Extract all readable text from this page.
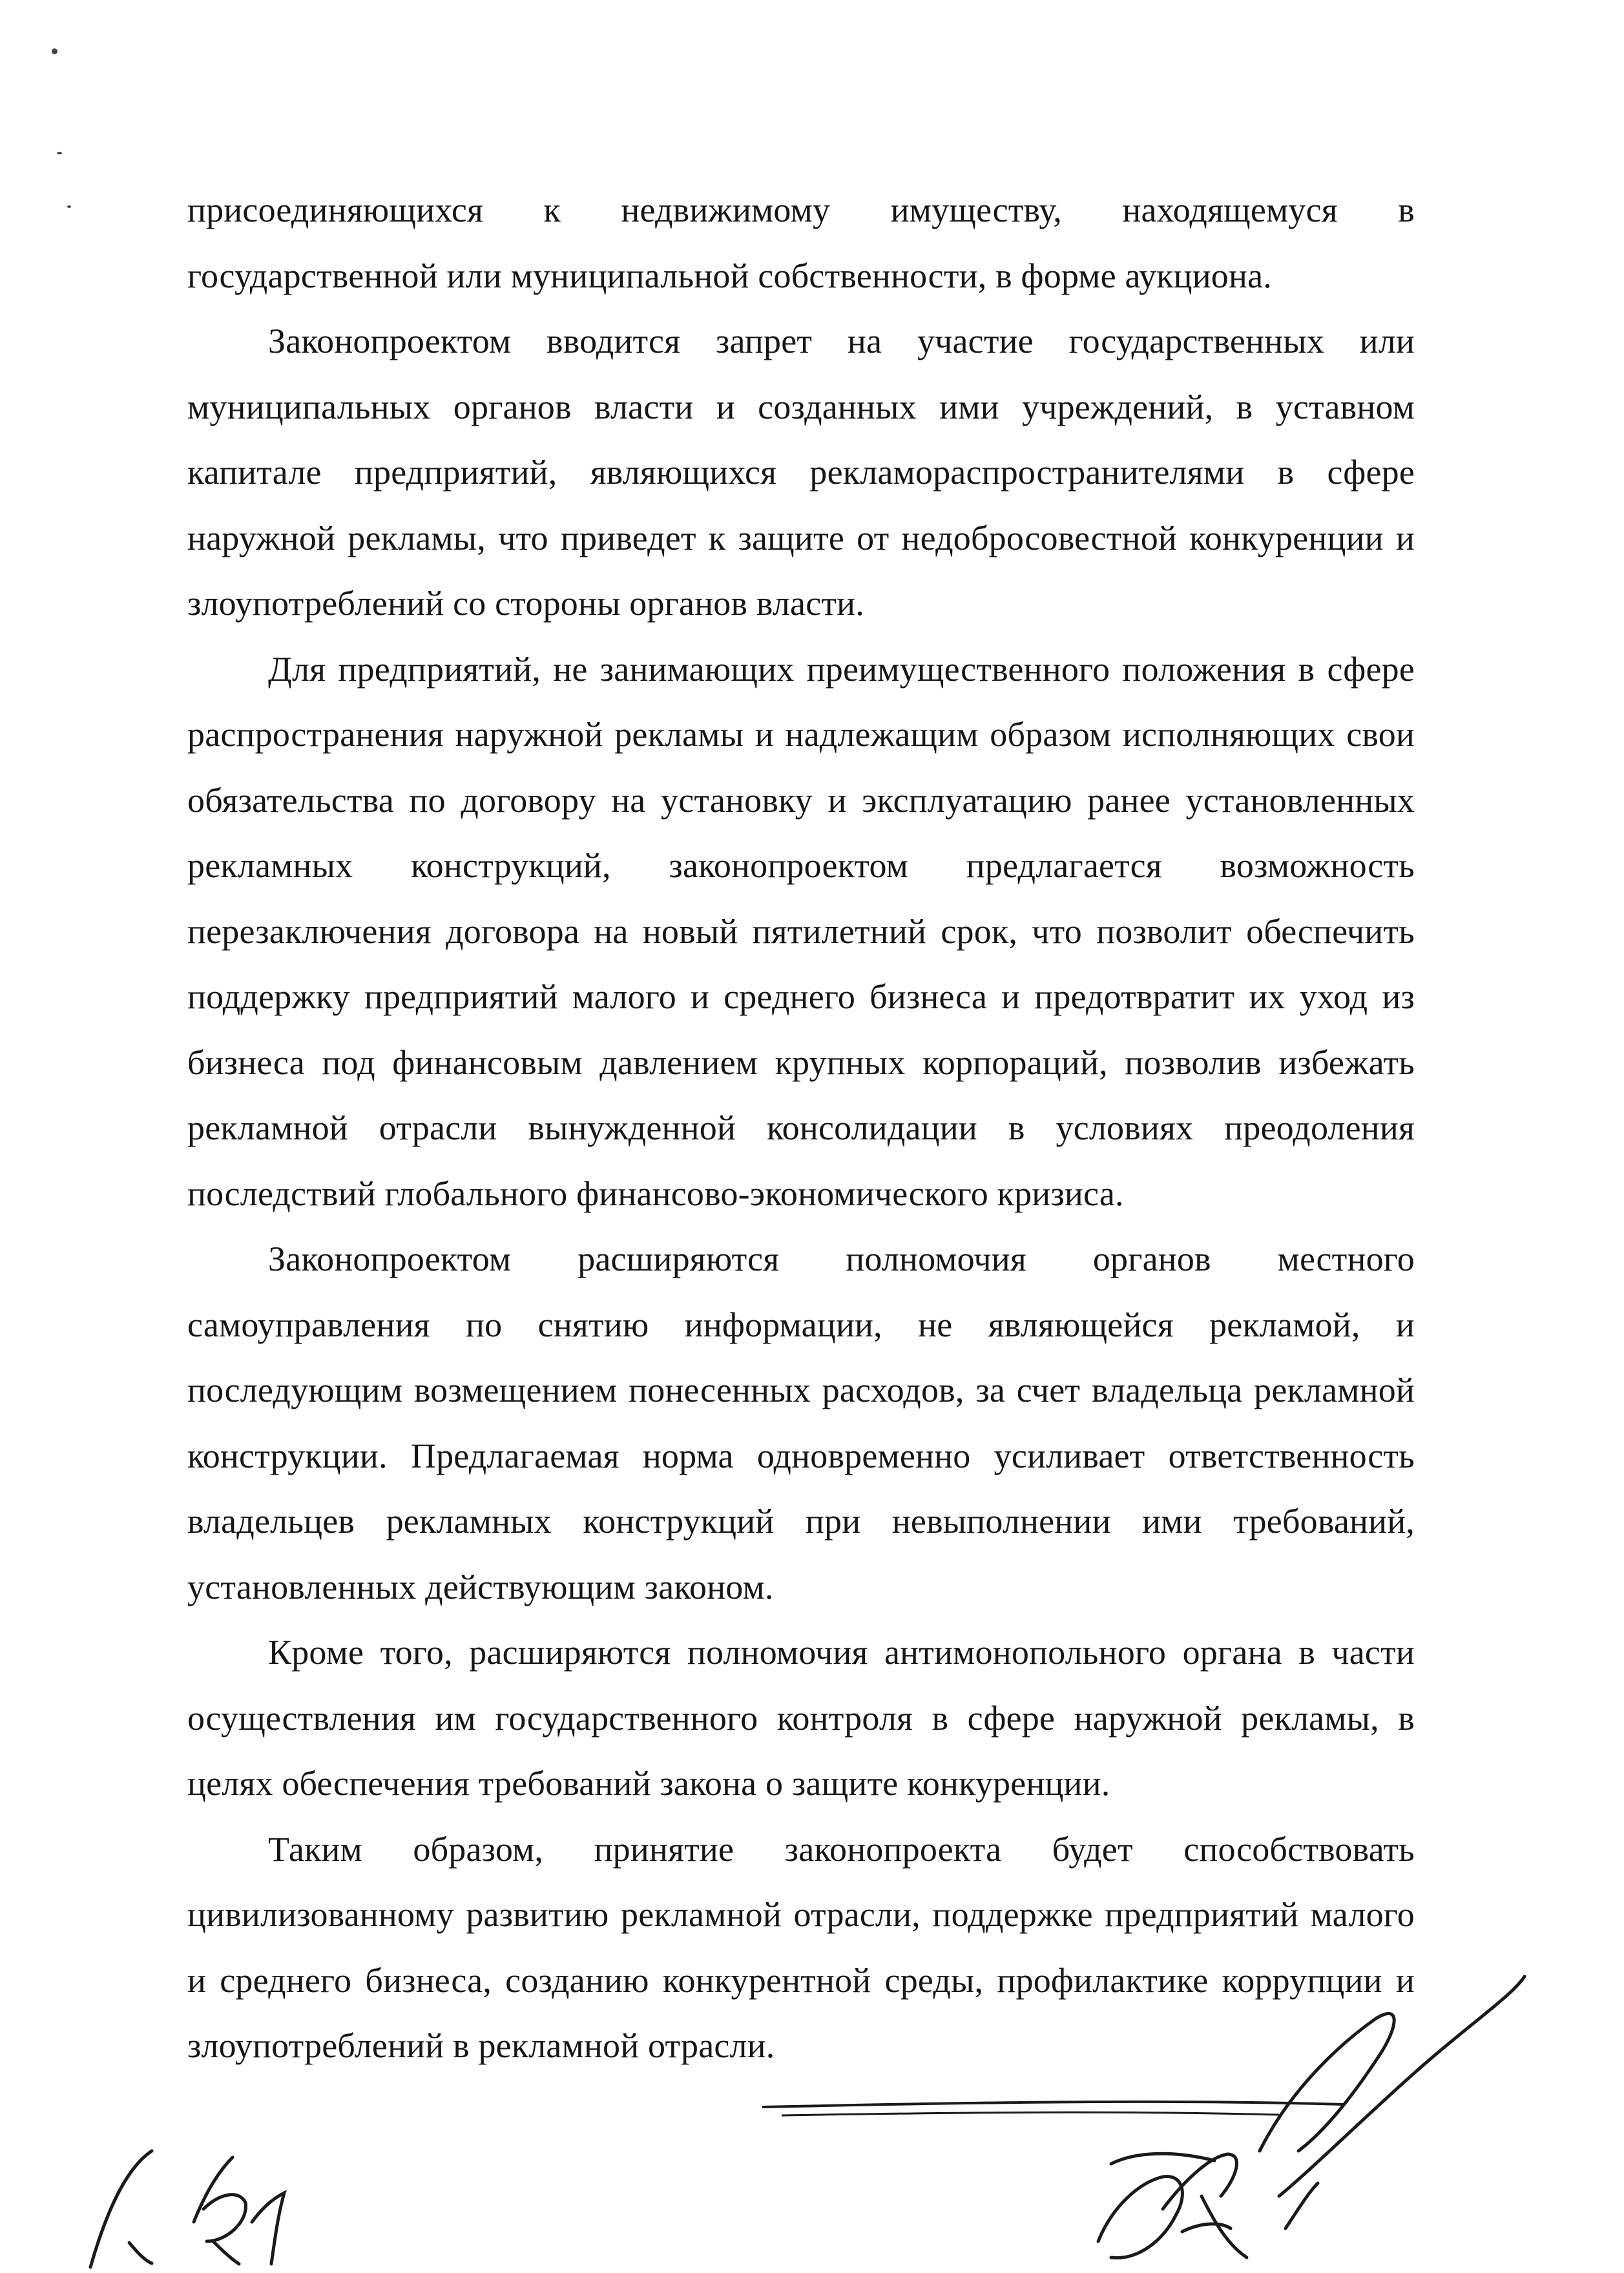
присоединяющихся к недвижимому имуществу, находящемуся в государственной или муниципальной собственности, в форме аукциона.

Законопроектом вводится запрет на участие государственных или муниципальных органов власти и созданных ими учреждений, в уставном капитале предприятий, являющихся рекламораспространителями в сфере наружной рекламы, что приведет к защите от недобросовестной конкуренции и злоупотреблений со стороны органов власти.

Для предприятий, не занимающих преимущественного положения в сфере распространения наружной рекламы и надлежащим образом исполняющих свои обязательства по договору на установку и эксплуатацию ранее установленных рекламных конструкций, законопроектом предлагается возможность перезаключения договора на новый пятилетний срок, что позволит обеспечить поддержку предприятий малого и среднего бизнеса и предотвратит их уход из бизнеса под финансовым давлением крупных корпораций, позволив избежать рекламной отрасли вынужденной консолидации в условиях преодоления последствий глобального финансово-экономического кризиса.

Законопроектом расширяются полномочия органов местного самоуправления по снятию информации, не являющейся рекламой, и последующим возмещением понесенных расходов, за счет владельца рекламной конструкции. Предлагаемая норма одновременно усиливает ответственность владельцев рекламных конструкций при невыполнении ими требований, установленных действующим законом.

Кроме того, расширяются полномочия антимонопольного органа в части осуществления им государственного контроля в сфере наружной рекламы, в целях обеспечения требований закона о защите конкуренции.

Таким образом, принятие законопроекта будет способствовать цивилизованному развитию рекламной отрасли, поддержке предприятий малого и среднего бизнеса, созданию конкурентной среды, профилактике коррупции и злоупотреблений в рекламной отрасли.
